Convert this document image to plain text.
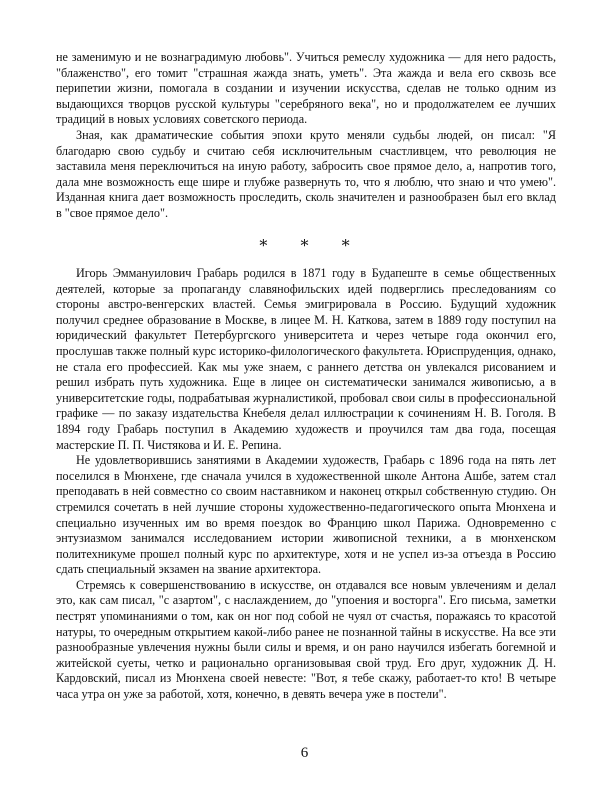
не заменимую и не вознаградимую любовь". Учиться ремеслу художника — для него радость, "блаженство", его томит "страшная жажда знать, уметь". Эта жажда и вела его сквозь все перипетии жизни, помогала в создании и изучении искусства, сделав не только одним из выдающихся творцов русской культуры "серебряного века", но и продолжателем ее лучших традиций в новых условиях советского периода.

Зная, как драматические события эпохи круто меняли судьбы людей, он писал: "Я благодарю свою судьбу и считаю себя исключительным счастливцем, что революция не заставила меня переключиться на иную работу, забросить свое прямое дело, а, напротив того, дала мне возможность еще шире и глубже развернуть то, что я люблю, что знаю и что умею". Изданная книга дает возможность проследить, сколь значителен и разнообразен был его вклад в "свое прямое дело".

* * *

Игорь Эммануилович Грабарь родился в 1871 году в Будапеште в семье общественных деятелей, которые за пропаганду славянофильских идей подверглись преследованиям со стороны австро-венгерских властей. Семья эмигрировала в Россию. Будущий художник получил среднее образование в Москве, в лицее М. Н. Каткова, затем в 1889 году поступил на юридический факультет Петербургского университета и через четыре года окончил его, прослушав также полный курс историко-филологического факультета. Юриспруденция, однако, не стала его профессией. Как мы уже знаем, с раннего детства он увлекался рисованием и решил избрать путь художника. Еще в лицее он систематически занимался живописью, а в университетские годы, подрабатывая журналистикой, пробовал свои силы в профессиональной графике — по заказу издательства Кнебеля делал иллюстрации к сочинениям Н. В. Гоголя. В 1894 году Грабарь поступил в Академию художеств и проучился там два года, посещая мастерские П. П. Чистякова и И. Е. Репина.

Не удовлетворившись занятиями в Академии художеств, Грабарь с 1896 года на пять лет поселился в Мюнхене, где сначала учился в художественной школе Антона Ашбе, затем стал преподавать в ней совместно со своим наставником и наконец открыл собственную студию. Он стремился сочетать в ней лучшие стороны художественно-педагогического опыта Мюнхена и специально изученных им во время поездок во Францию школ Парижа. Одновременно с энтузиазмом занимался исследованием истории живописной техники, а в мюнхенском политехникуме прошел полный курс по архитектуре, хотя и не успел из-за отъезда в Россию сдать специальный экзамен на звание архитектора.

Стремясь к совершенствованию в искусстве, он отдавался все новым увлечениям и делал это, как сам писал, "с азартом", с наслаждением, до "упоения и восторга". Его письма, заметки пестрят упоминаниями о том, как он ног под собой не чуял от счастья, поражаясь то красотой натуры, то очередным открытием какой-либо ранее не познанной тайны в искусстве. На все эти разнообразные увлечения нужны были силы и время, и он рано научился избегать богемной и житейской суеты, четко и рационально организовывая свой труд. Его друг, художник Д. Н. Кардовский, писал из Мюнхена своей невесте: "Вот, я тебе скажу, работает-то кто! В четыре часа утра он уже за работой, хотя, конечно, в девять вечера уже в постели".

6
